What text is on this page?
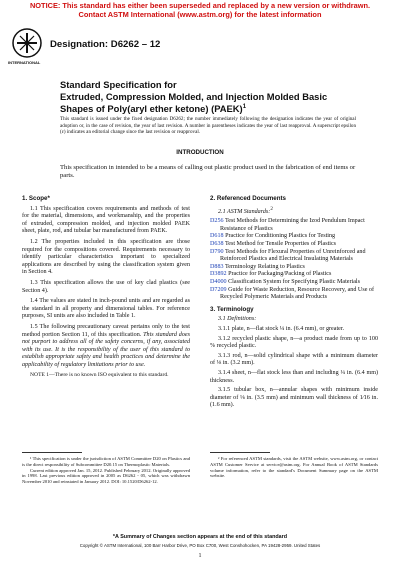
NOTICE: This standard has either been superseded and replaced by a new version or withdrawn.
Contact ASTM International (www.astm.org) for the latest information
INTERNATIONAL
Designation: D6262 – 12
Standard Specification for
Extruded, Compression Molded, and Injection Molded Basic
Shapes of Poly(aryl ether ketone) (PAEK)$^1$
This standard is issued under the fixed designation D6262; the number immediately following the designation indicates the year of original adoption or, in the case of revision, the year of last revision. A number in parentheses indicates the year of last reapproval. A superscript epsilon (ε) indicates an editorial change since the last revision or reapproval.
INTRODUCTION
This specification in intended to be a means of calling out plastic product used in the fabrication of end items or parts.
1. Scope*
1.1 This specification covers requirements and methods of test for the material, dimensions, and workmanship, and the properties of extruded, compression molded, and injection molded PAEK sheet, plate, rod, and tubular bar manufactured from PAEK.
1.2 The properties included in this specification are those required for the compositions covered. Requirements necessary to identify particular characteristics important to specialized applications are described by using the classification system given in Section 4.
1.3 This specification allows the use of key clad plastics (see Section 4).
1.4 The values are stated in inch-pound units and are regarded as the standard in all property and dimensional tables. For reference purposes, SI units are also included in Table 1.
1.5 The following precautionary caveat pertains only to the test method portion Section 11, of this specification. This standard does not purport to address all of the safety concerns, if any, associated with its use. It is the responsibility of the user of this standard to establish appropriate safety and health practices and determine the applicability of regulatory limitations prior to use.
NOTE 1—There is no known ISO equivalent to this standard.
2. Referenced Documents
2.1 ASTM Standards:$^2$
D256 Test Methods for Determining the Izod Pendulum Impact Resistance of Plastics
D618 Practice for Conditioning Plastics for Testing
D638 Test Method for Tensile Properties of Plastics
D790 Test Methods for Flexural Properties of Unreinforced and Reinforced Plastics and Electrical Insulating Materials
D883 Terminology Relating to Plastics
D3892 Practice for Packaging/Packing of Plastics
D4000 Classification System for Specifying Plastic Materials
D7209 Guide for Waste Reduction, Resource Recovery, and Use of Recycled Polymeric Materials and Products
3. Terminology
3.1 Definitions:
3.1.1 plate, n—flat stock ¼ in. (6.4 mm), or greater.
3.1.2 recycled plastic shape, n—a product made from up to 100 % recycled plastic.
3.1.3 rod, n—solid cylindrical shape with a minimum diameter of ⅛ in. (3.2 mm).
3.1.4 sheet, n—flat stock less than and including ¼ in. (6.4 mm) thickness.
3.1.5 tubular box, n—annular shapes with minimum inside diameter of ⅛ in. (3.5 mm) and minimum wall thickness of 1⁄16 in. (1.6 mm).
¹ This specification is under the jurisdiction of ASTM Committee D20 on Plastics and is the direct responsibility of Subcommittee D20.15 on Thermoplastic Materials.
Current edition approved Jan. 15, 2012. Published February 2012. Originally approved in 1998. Last previous edition approved in 2005 as D6262 - 05, which was withdrawn November 2010 and reinstated in January 2012. DOI: 10.1520/D6262-12.
² For referenced ASTM standards, visit the ASTM website, www.astm.org, or contact ASTM Customer Service at service@astm.org. For Annual Book of ASTM Standards volume information, refer to the standard's Document Summary page on the ASTM website.
*A Summary of Changes section appears at the end of this standard
Copyright © ASTM International, 100 Barr Harbor Drive, PO Box C700, West Conshohocken, PA 19428-2959. United States
1
